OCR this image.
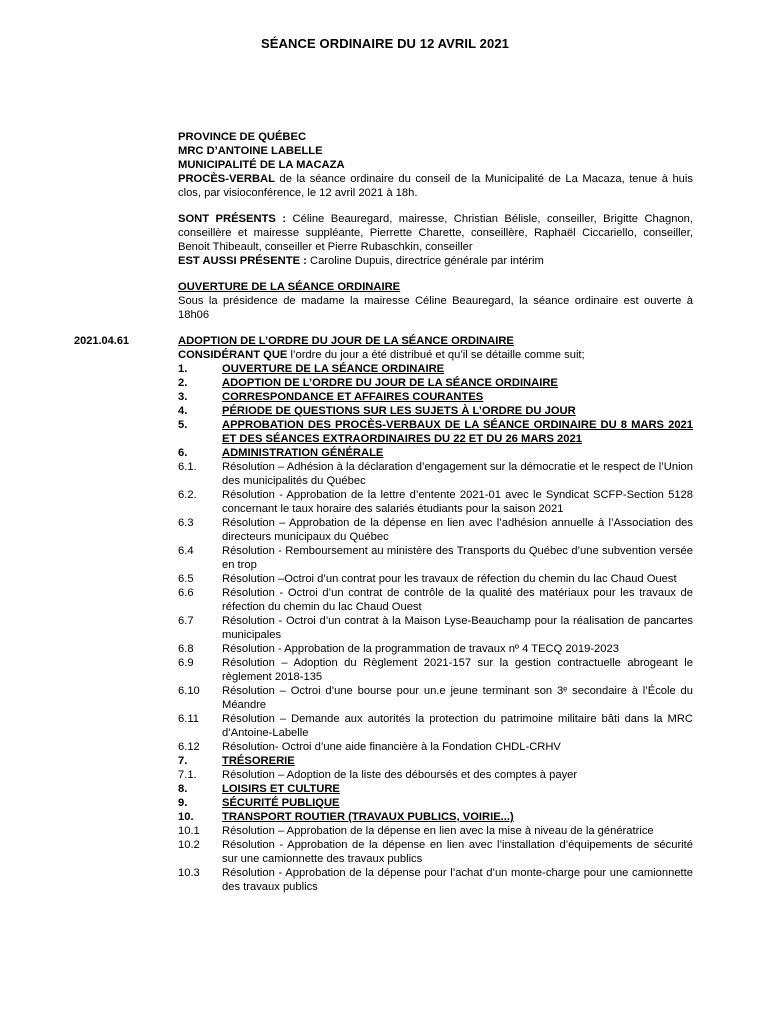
SÉANCE ORDINAIRE DU 12 AVRIL 2021
PROVINCE DE QUÉBEC
MRC D’ANTOINE LABELLE
MUNICIPALITÉ DE LA MACAZA
PROCÈS-VERBAL de la séance ordinaire du conseil de la Municipalité de La Macaza, tenue à huis clos, par visioconférence, le 12 avril 2021 à 18h.
SONT PRÉSENTS : Céline Beauregard, mairesse, Christian Bélisle, conseiller, Brigitte Chagnon, conseillère et mairesse suppléante, Pierrette Charette, conseillère, Raphaël Ciccariello, conseiller, Benoit Thibeault, conseiller et Pierre Rubaschkin, conseiller
EST AUSSI PRÉSENTE : Caroline Dupuis, directrice générale par intérim
OUVERTURE DE LA SÉANCE ORDINAIRE
Sous la présidence de madame la mairesse Céline Beauregard, la séance ordinaire est ouverte à 18h06
2021.04.61	ADOPTION DE L’ORDRE DU JOUR DE LA SÉANCE ORDINAIRE
CONSIDÉRANT QUE l’ordre du jour a été distribué et qu’il se détaille comme suit;
1.	OUVERTURE DE LA SÉANCE ORDINAIRE
2.	ADOPTION DE L’ORDRE DU JOUR DE LA SÉANCE ORDINAIRE
3.	CORRESPONDANCE ET AFFAIRES COURANTES
4.	PÉRIODE DE QUESTIONS SUR LES SUJETS À L’ORDRE DU JOUR
5.	APPROBATION DES PROCÈS-VERBAUX DE LA SÉANCE ORDINAIRE DU 8 MARS 2021 ET DES SÉANCES EXTRAORDINAIRES DU 22 ET DU 26 MARS 2021
6.	ADMINISTRATION GÉNÉRALE
6.1.	Résolution – Adhésion à la déclaration d’engagement sur la démocratie et le respect de l’Union des municipalités du Québec
6.2.	Résolution - Approbation de la lettre d’entente 2021-01 avec le Syndicat SCFP-Section 5128 concernant le taux horaire des salariés étudiants pour la saison 2021
6.3	Résolution – Approbation de la dépense en lien avec l’adhésion annuelle à l’Association des directeurs municipaux du Québec
6.4	Résolution - Remboursement au ministère des Transports du Québec d’une subvention versée en trop
6.5	Résolution –Octroi d’un contrat pour les travaux de réfection du chemin du lac Chaud Ouest
6.6	Résolution - Octroi d’un contrat de contrôle de la qualité des matériaux pour les travaux de réfection du chemin du lac Chaud Ouest
6.7	Résolution - Octroi d’un contrat à la Maison Lyse-Beauchamp pour la réalisation de pancartes municipales
6.8	Résolution - Approbation de la programmation de travaux nº 4 TECQ 2019-2023
6.9	Résolution – Adoption du Règlement 2021-157 sur la gestion contractuelle abrogeant le règlement 2018-135
6.10	Résolution – Octroi d’une bourse pour un.e jeune terminant son 3ᵉ secondaire à l’École du Méandre
6.11	Résolution – Demande aux autorités la protection du patrimoine militaire bâti dans la MRC d’Antoine-Labelle
6.12	Résolution- Octroi d’une aide financière à la Fondation CHDL-CRHV
7.	TRÉSORERIE
7.1.	Résolution – Adoption de la liste des déboursés et des comptes à payer
8.	LOISIRS ET CULTURE
9.	SÉCURITÉ PUBLIQUE
10.	TRANSPORT ROUTIER (TRAVAUX PUBLICS, VOIRIE...)
10.1	Résolution – Approbation de la dépense en lien avec la mise à niveau de la génératrice
10.2	Résolution - Approbation de la dépense en lien avec l’installation d’équipements de sécurité sur une camionnette des travaux publics
10.3	Résolution - Approbation de la dépense pour l’achat d’un monte-charge pour une camionnette des travaux publics
